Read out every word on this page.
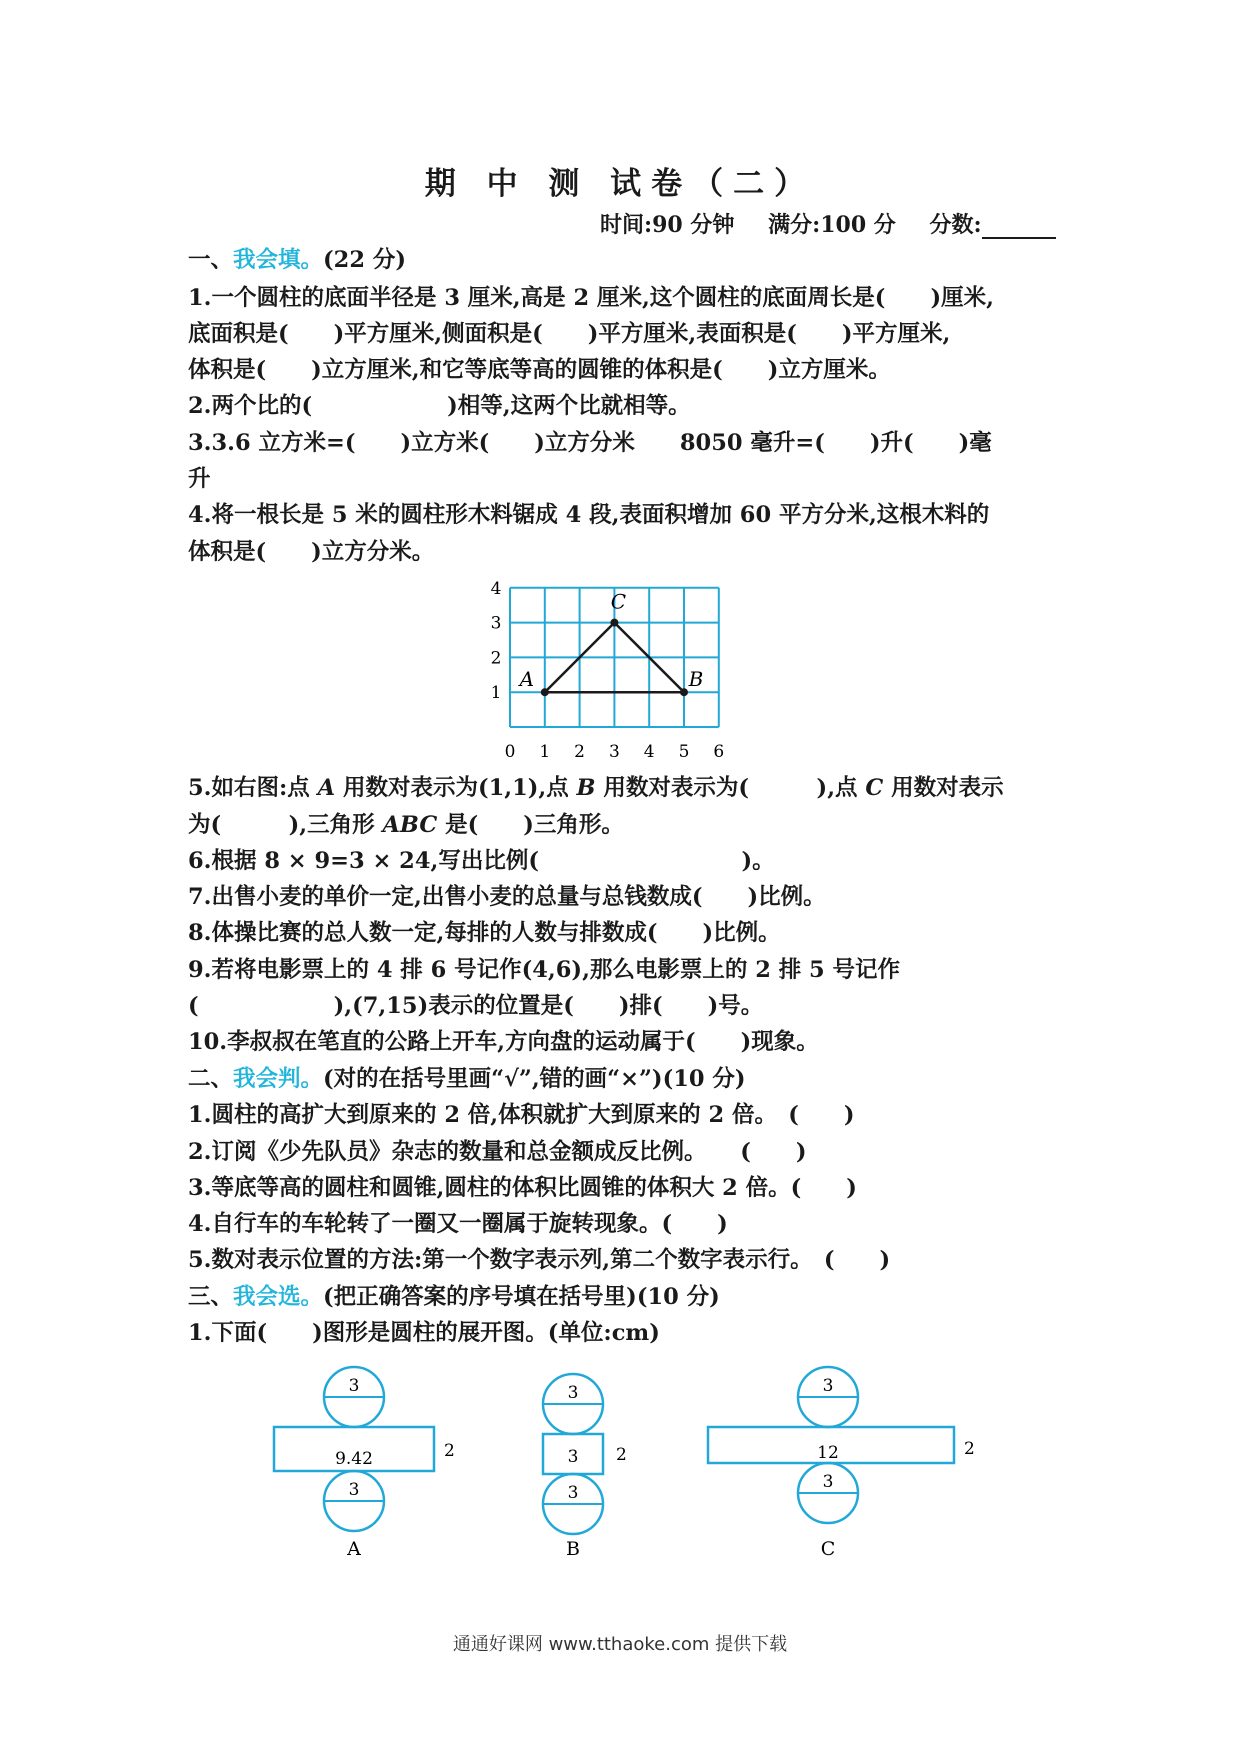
期 中 测 试卷（二）
时间:90 分钟 满分:100 分 分数:
一、我会填。(22 分)
1.一个圆柱的底面半径是 3 厘米,高是 2 厘米,这个圆柱的底面周长是(　　)厘米,
底面积是(　　)平方厘米,侧面积是(　　)平方厘米,表面积是(　　)平方厘米,
体积是(　　)立方厘米,和它等底等高的圆锥的体积是(　　)立方厘米。
2.两个比的(　　　　　　)相等,这两个比就相等。
3.3.6 立方米=(　　)立方米(　　)立方分米　　8050 毫升=(　　)升(　　)毫
升
4.将一根长是 5 米的圆柱形木料锯成 4 段,表面积增加 60 平方分米,这根木料的
体积是(　　)立方分米。
0 1 2 3 4 5 6
1
2
3
4
A	B
C
5.如右图:点 A 用数对表示为(1,1),点 B 用数对表示为(　　　),点 C 用数对表示
为(　　　),三角形 ABC 是(　　)三角形。
6.根据 8 × 9=3 × 24,写出比例(　　　　　　　　　)。
7.出售小麦的单价一定,出售小麦的总量与总钱数成(　　)比例。
8.体操比赛的总人数一定,每排的人数与排数成(　　)比例。
9.若将电影票上的 4 排 6 号记作(4,6),那么电影票上的 2 排 5 号记作
(　　　　　　),(7,15)表示的位置是(　　)排(　　)号。
10.李叔叔在笔直的公路上开车,方向盘的运动属于(　　)现象。
二、我会判。(对的在括号里画“√”,错的画“×”)(10 分)
1.圆柱的高扩大到原来的 2 倍,体积就扩大到原来的 2 倍。　(　　)
2.订阅《少先队员》杂志的数量和总金额成反比例。　　(　　)
3.等底等高的圆柱和圆锥,圆柱的体积比圆锥的体积大 2 倍。(　　)
4.自行车的车轮转了一圈又一圈属于旋转现象。(　　)
5.数对表示位置的方法:第一个数字表示列,第二个数字表示行。　(　　)
三、我会选。(把正确答案的序号填在括号里)(10 分)
1.下面(　　)图形是圆柱的展开图。(单位:cm)
3
9.42	2
3
A
3
3 2
3
B
3
12	2
3
C
通通好课网 www.tthaoke.com 提供下载
